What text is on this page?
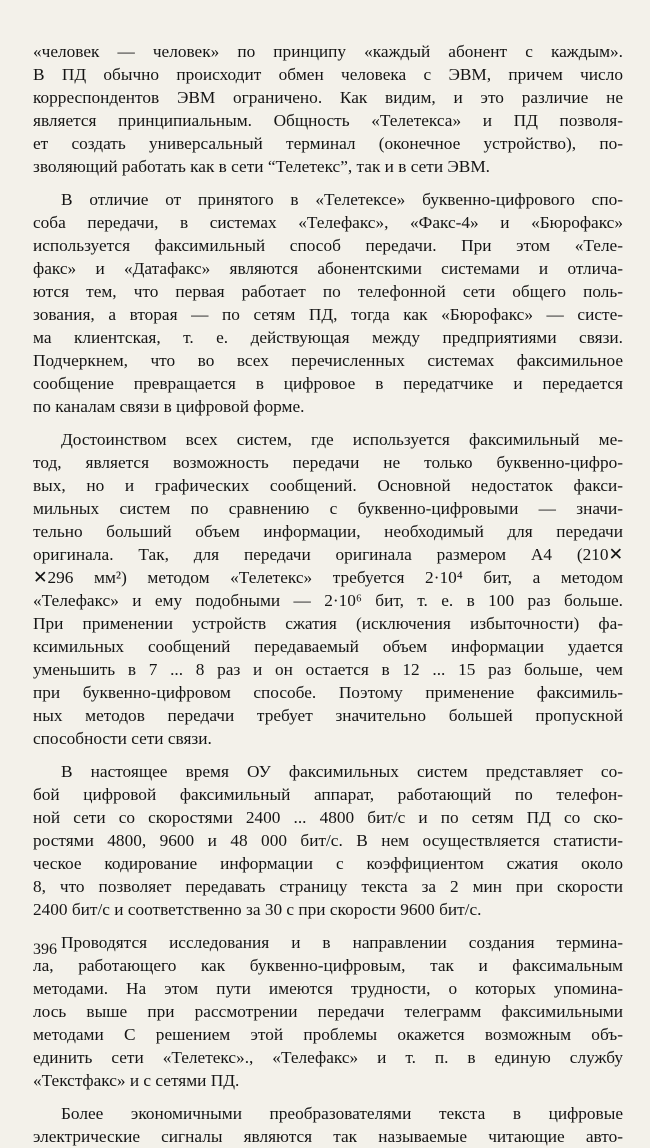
«человек — человек» по принципу «каждый абонент с каждым».
В ПД обычно происходит обмен человека с ЭВМ, причем число
корреспондентов ЭВМ ограничено. Как видим, и это различие не
является принципиальным. Общность «Телетекса» и ПД позволя-
ет создать универсальный терминал (оконечное устройство), по-
зволяющий работать как в сети “Телетекс”, так и в сети ЭВМ.

В отличие от принятого в «Телетексе» буквенно-цифрового спо-
соба передачи, в системах «Телефакс», «Факс-4» и «Бюрофакс»
используется факсимильный способ передачи. При этом «Теле-
факс» и «Датафакс» являются абонентскими системами и отлича-
ются тем, что первая работает по телефонной сети общего поль-
зования, а вторая — по сетям ПД, тогда как «Бюрофакс» — систе-
ма клиентская, т. е. действующая между предприятиями связи.
Подчеркнем, что во всех перечисленных системах факсимильное
сообщение превращается в цифровое в передатчике и передается
по каналам связи в цифровой форме.

Достоинством всех систем, где используется факсимильный ме-
тод, является возможность передачи не только буквенно-цифро-
вых, но и графических сообщений. Основной недостаток факси-
мильных систем по сравнению с буквенно-цифровыми — значи-
тельно больший объем информации, необходимый для передачи
оригинала. Так, для передачи оригинала размером А4 (210✕
✕296 мм²) методом «Телетекс» требуется 2·10⁴ бит, а методом
«Телефакс» и ему подобными — 2·10⁶ бит, т. е. в 100 раз больше.
При применении устройств сжатия (исключения избыточности) фа-
ксимильных сообщений передаваемый объем информации удается
уменьшить в 7 ... 8 раз и он остается в 12 ... 15 раз больше, чем
при буквенно-цифровом способе. Поэтому применение факсимиль-
ных методов передачи требует значительно большей пропускной
способности сети связи.

В настоящее время ОУ факсимильных систем представляет со-
бой цифровой факсимильный аппарат, работающий по телефон-
ной сети со скоростями 2400 ... 4800 бит/с и по сетям ПД со ско-
ростями 4800, 9600 и 48 000 бит/с. В нем осуществляется статисти-
ческое кодирование информации с коэффициентом сжатия около
8, что позволяет передавать страницу текста за 2 мин при скорости
2400 бит/с и соответственно за 30 с при скорости 9600 бит/с.

Проводятся исследования и в направлении создания термина-
ла, работающего как буквенно-цифровым, так и факсимальным
методами. На этом пути имеются трудности, о которых упомина-
лось выше при рассмотрении передачи телеграмм факсимильными
методами С решением этой проблемы окажется возможным объ-
единить сети «Телетекс»., «Телефакс» и т. п. в единую службу
«Текстфакс» и с сетями ПД.

Более экономичными преобразователями текста в цифровые
электрические сигналы являются так называемые читающие авто-

396
